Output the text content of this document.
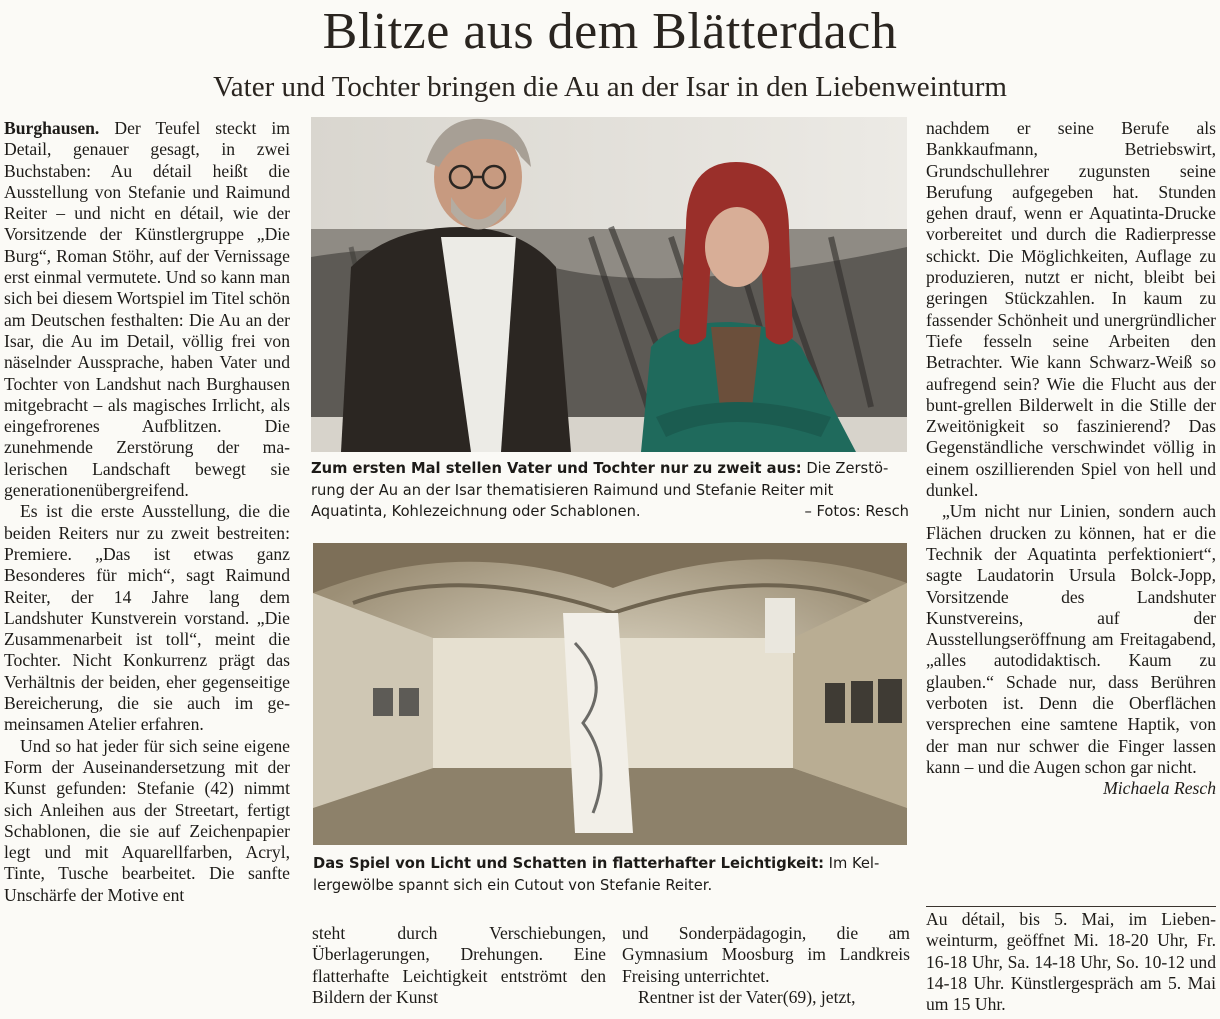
Blitze aus dem Blätterdach
Vater und Tochter bringen die Au an der Isar in den Liebenweinturm

Burghausen. Der Teufel steckt im Detail, genauer gesagt, in zwei Buchstaben: Au détail heißt die Ausstellung von Stefanie und Raimund Reiter – und nicht en détail, wie der Vorsitzende der Künstlergruppe „Die Burg“, Roman Stöhr, auf der Vernissage erst einmal vermutete. Und so kann man sich bei diesem Wortspiel im Titel schön am Deutschen festhalten: Die Au an der Isar, die Au im Detail, völlig frei von näselnder Aussprache, haben Vater und Tochter von Landshut nach Burghausen mitgebracht – als magisches Irrlicht, als eingefrorenes Aufblitzen. Die zunehmende Zerstörung der malerischen Landschaft bewegt sie generationenübergreifend.

Es ist die erste Ausstellung, die die beiden Reiters nur zu zweit bestreiten: Premiere. „Das ist etwas ganz Besonderes für mich“, sagt Raimund Reiter, der 14 Jahre lang dem Landshuter Kunstverein vorstand. „Die Zusammenarbeit ist toll“, meint die Tochter. Nicht Konkurrenz prägt das Verhältnis der beiden, eher gegenseitige Bereicherung, die sie auch im gemeinsamen Atelier erfahren.

Und so hat jeder für sich seine eigene Form der Auseinandersetzung mit der Kunst gefunden: Stefanie (42) nimmt sich Anleihen aus der Streetart, fertigt Schablonen, die sie auf Zeichenpapier legt und mit Aquarellfarben, Acryl, Tinte, Tusche bearbeitet. Die sanfte Unschärfe der Motive ent

Zum ersten Mal stellen Vater und Tochter nur zu zweit aus: Die Zerstörung der Au an der Isar thematisieren Raimund und Stefanie Reiter mit Aquatinta, Kohlezeichnung oder Schablonen.	– Fotos: Resch
Das Spiel von Licht und Schatten in flatterhafter Leichtigkeit: Im Kellergewölbe spannt sich ein Cutout von Stefanie Reiter.

steht durch Verschiebungen, Überlagerungen, Drehungen. Eine flatterhafte Leichtigkeit entströmt den Bildern der Kunst

und Sonderpädagogin, die am Gymnasium Moosburg im Landkreis Freising unterrichtet.

Rentner ist der Vater(69), jetzt,

nachdem er seine Berufe als Bankkaufmann, Betriebswirt, Grundschullehrer zugunsten seine Berufung aufgegeben hat. Stunden gehen drauf, wenn er Aquatinta-Drucke vorbereitet und durch die Radierpresse schickt. Die Möglichkeiten, Auflage zu produzieren, nutzt er nicht, bleibt bei geringen Stückzahlen. In kaum zu fassender Schönheit und unergründlicher Tiefe fesseln seine Arbeiten den Betrachter. Wie kann Schwarz-Weiß so aufregend sein? Wie die Flucht aus der bunt-grellen Bilderwelt in die Stille der Zweitönigkeit so faszinierend? Das Gegenständliche verschwindet völlig in einem oszillierenden Spiel von hell und dunkel.

„Um nicht nur Linien, sondern auch Flächen drucken zu können, hat er die Technik der Aquatinta perfektioniert“, sagte Laudatorin Ursula Bolck-Jopp, Vorsitzende des Landshuter Kunstvereins, auf der Ausstellungseröffnung am Freitagabend, „alles autodidaktisch. Kaum zu glauben.“ Schade nur, dass Berühren verboten ist. Denn die Oberflächen versprechen eine samtene Haptik, von der man nur schwer die Finger lassen kann – und die Augen schon gar nicht.
Michaela Resch

Au détail, bis 5. Mai, im Liebenweinturm, geöffnet Mi. 18-20 Uhr, Fr. 16-18 Uhr, Sa. 14-18 Uhr, So. 10-12 und 14-18 Uhr. Künstlergespräch am 5. Mai um 15 Uhr.
